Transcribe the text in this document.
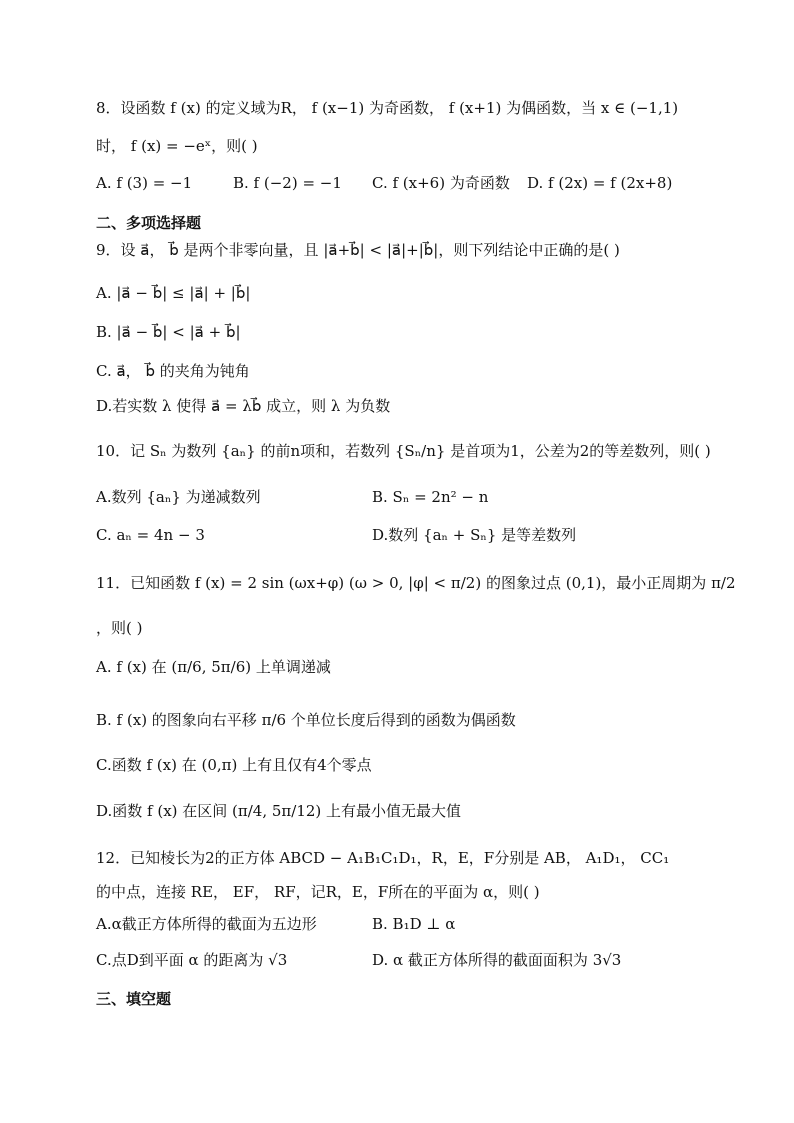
8．设函数 f (x) 的定义域为R， f (x−1) 为奇函数， f (x+1) 为偶函数，当 x ∈ (−1,1)
时， f (x) = −eˣ，则( )
A. f (3) = −1	B. f (−2) = −1 C. f (x+6) 为奇函数 D. f (2x) = f (2x+8)
二、多项选择题
9．设 a⃗， b⃗ 是两个非零向量，且 |a⃗+b⃗| < |a⃗|+|b⃗|，则下列结论中正确的是( )
A. |a⃗ − b⃗| ≤ |a⃗| + |b⃗|
B. |a⃗ − b⃗| < |a⃗ + b⃗|
C. a⃗， b⃗ 的夹角为钝角
D.若实数 λ 使得 a⃗ = λb⃗ 成立，则 λ 为负数
10．记 Sₙ 为数列 {aₙ} 的前n项和，若数列 {Sₙ/n} 是首项为1，公差为2的等差数列，则( )
A.数列 {aₙ} 为递减数列	B. Sₙ = 2n² − n
C. aₙ = 4n − 3	D.数列 {aₙ + Sₙ} 是等差数列
11．已知函数 f (x) = 2 sin (ωx+φ) (ω > 0, |φ| < π/2) 的图象过点 (0,1)，最小正周期为 π/2
，则( )
A. f (x) 在 (π/6, 5π/6) 上单调递减
B. f (x) 的图象向右平移 π/6 个单位长度后得到的函数为偶函数
C.函数 f (x) 在 (0,π) 上有且仅有4个零点
D.函数 f (x) 在区间 (π/4, 5π/12) 上有最小值无最大值
12．已知棱长为2的正方体 ABCD − A₁B₁C₁D₁，R，E，F分别是 AB， A₁D₁， CC₁
的中点，连接 RE， EF， RF，记R，E，F所在的平面为 α，则( )
A.α截正方体所得的截面为五边形	B. B₁D ⊥ α
C.点D到平面 α 的距离为 √3	D. α 截正方体所得的截面面积为 3√3
三、填空题
